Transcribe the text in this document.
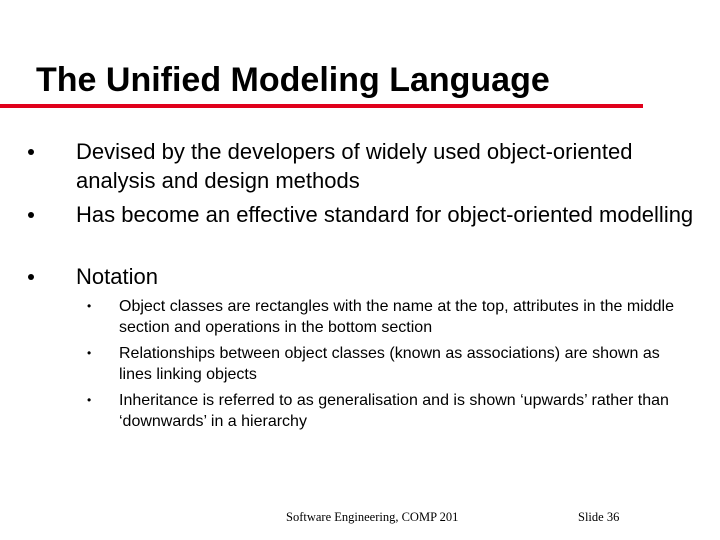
The Unified Modeling Language
Devised by the developers of widely used object-oriented analysis and design methods
Has become an effective standard for object-oriented modelling
Notation
• Object classes are rectangles with the name at the top, attributes in the middle section and operations in the bottom section
• Relationships between object classes (known as associations) are shown as lines linking objects
• Inheritance is referred to as generalisation and is shown ‘upwards’ rather than ‘downwards’ in a hierarchy
Software Engineering, COMP 201	Slide 36
